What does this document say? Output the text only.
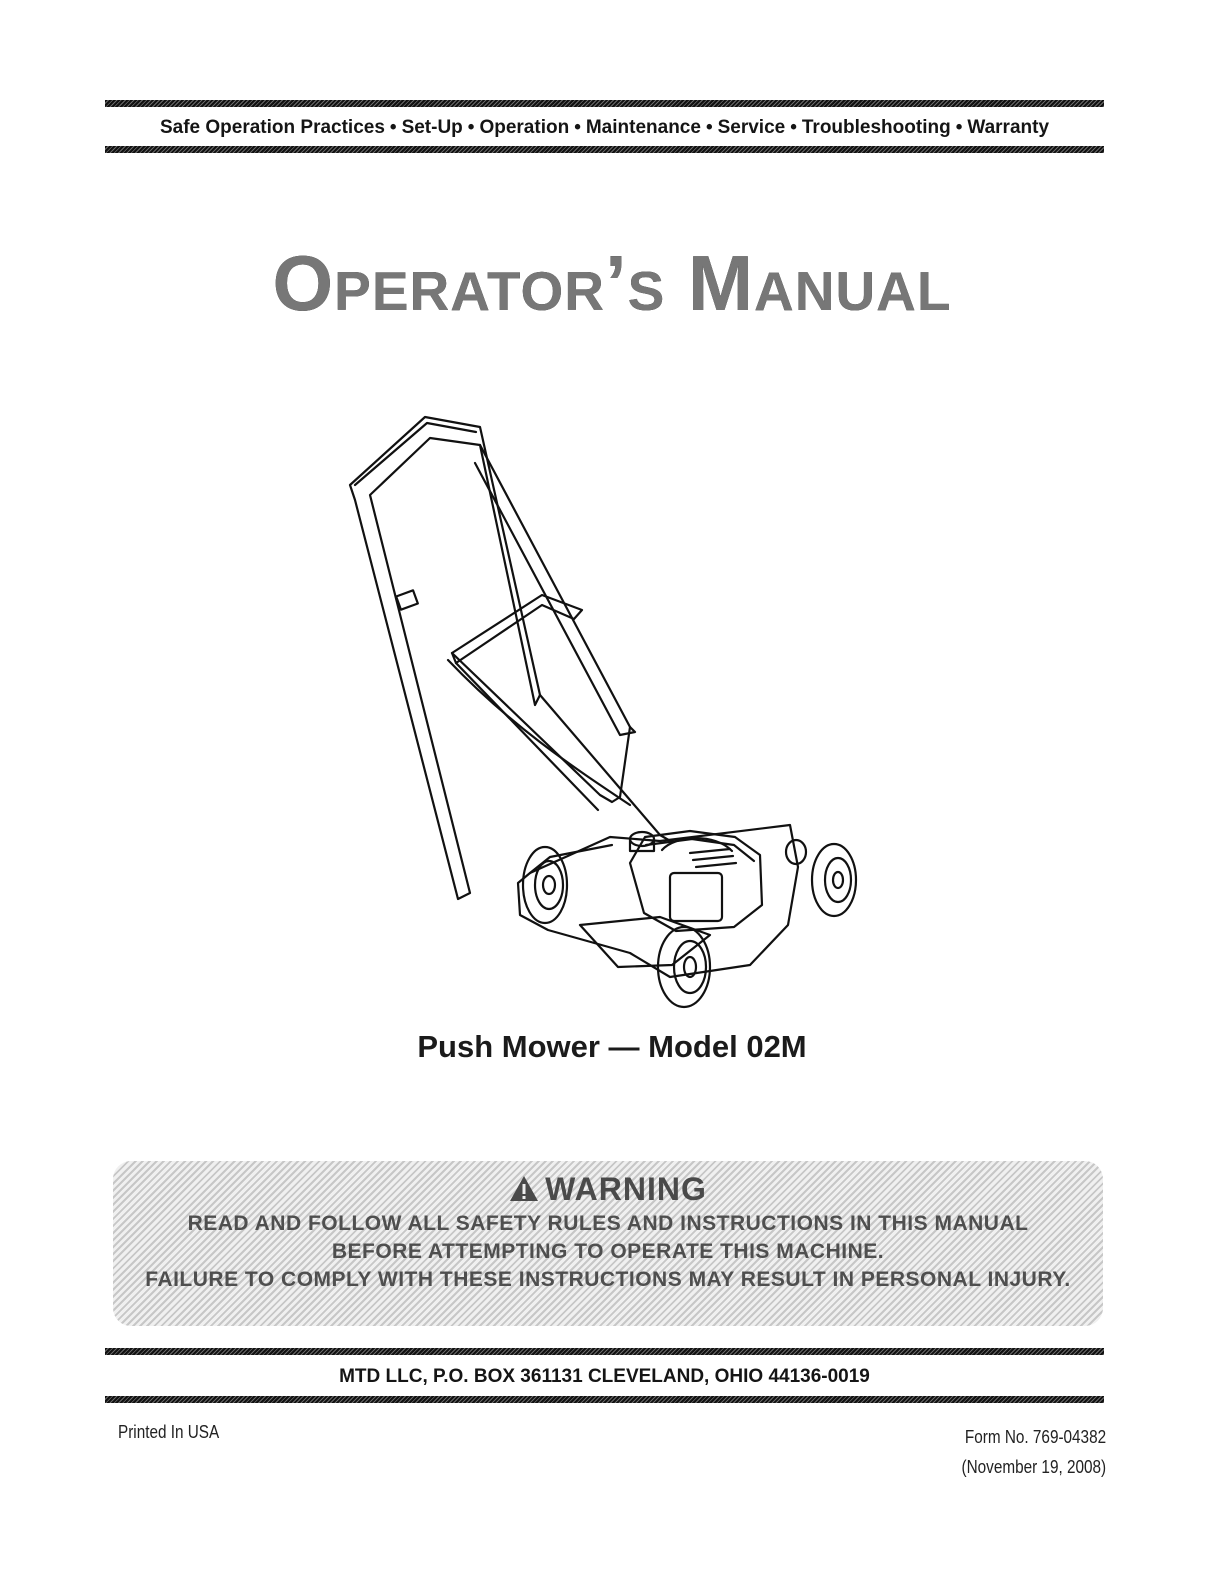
Safe Operation Practices • Set-Up • Operation • Maintenance • Service • Troubleshooting • Warranty
Operator’s Manual
Push Mower — Model 02M
WARNING
READ AND FOLLOW ALL SAFETY RULES AND INSTRUCTIONS IN THIS MANUAL
BEFORE ATTEMPTING TO OPERATE THIS MACHINE.
FAILURE TO COMPLY WITH THESE INSTRUCTIONS MAY RESULT IN PERSONAL INJURY.
MTD LLC, P.O. BOX 361131 CLEVELAND, OHIO 44136-0019
Printed In USA	Form No. 769-04382
(November 19, 2008)
